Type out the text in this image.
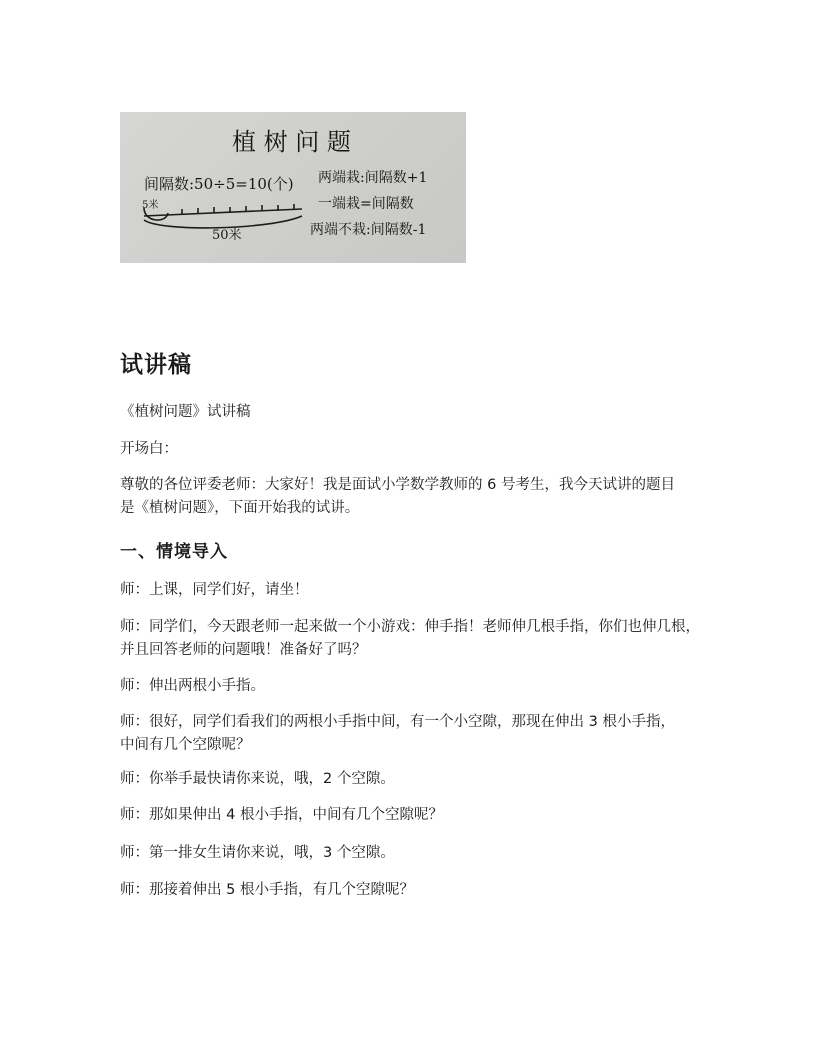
植 树 问 题
间隔数:50÷5=10(个)
5米
50米
两端栽:间隔数+1
一端栽=间隔数
两端不栽:间隔数-1
试讲稿
《植树问题》试讲稿
开场白：
尊敬的各位评委老师：大家好！我是面试小学数学教师的 6 号考生，我今天试讲的题目是《植树问题》，下面开始我的试讲。
一、情境导入
师：上课，同学们好，请坐！
师：同学们，今天跟老师一起来做一个小游戏：伸手指！老师伸几根手指，你们也伸几根，并且回答老师的问题哦！准备好了吗？
师：伸出两根小手指。
师：很好，同学们看我们的两根小手指中间，有一个小空隙，那现在伸出 3 根小手指，中间有几个空隙呢？
师：你举手最快请你来说，哦，2 个空隙。
师：那如果伸出 4 根小手指，中间有几个空隙呢？
师：第一排女生请你来说，哦，3 个空隙。
师：那接着伸出 5 根小手指，有几个空隙呢？
